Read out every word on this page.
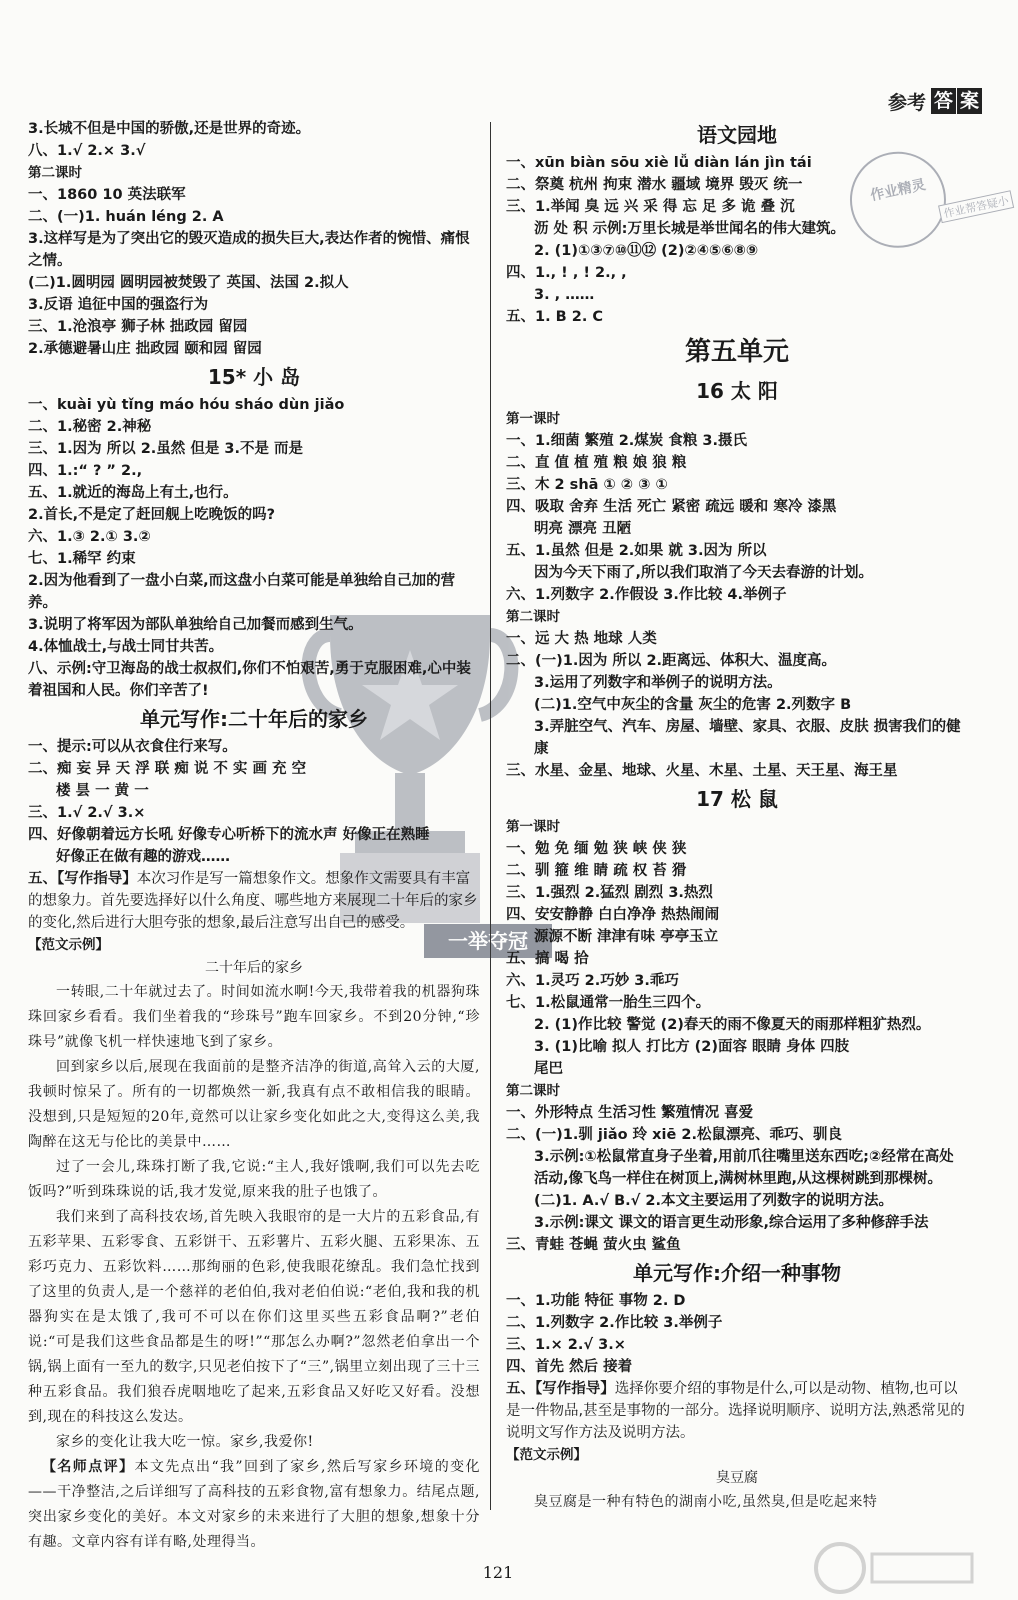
参考 答 案
一举夺冠
作业精灵
作业帮答疑小
3.长城不但是中国的骄傲,还是世界的奇迹。
八、1.√ 2.× 3.√
第二课时
一、1860 10 英法联军
二、(一)1. huán léng 2. A
3.这样写是为了突出它的毁灭造成的损失巨大,表达作者的惋惜、痛恨之情。
(二)1.圆明园 圆明园被焚毁了 英国、法国 2.拟人
3.反语 追征中国的强盗行为
三、1.沧浪亭 狮子林 拙政园 留园
2.承德避暑山庄 拙政园 颐和园 留园
15* 小 岛
一、kuài yù tǐng máo hóu sháo dùn jiǎo
二、1.秘密 2.神秘
三、1.因为 所以 2.虽然 但是 3.不是 而是
四、1.:“ ? ” 2.,
五、1.就近的海岛上有土,也行。
2.首长,不是定了赶回舰上吃晚饭的吗?
六、1.③ 2.① 3.②
七、1.稀罕 约束
2.因为他看到了一盘小白菜,而这盘小白菜可能是单独给自己加的营养。
3.说明了将军因为部队单独给自己加餐而感到生气。
4.体恤战士,与战士同甘共苦。
八、示例:守卫海岛的战士叔叔们,你们不怕艰苦,勇于克服困难,心中装着祖国和人民。你们辛苦了!
单元写作:二十年后的家乡
一、提示:可以从衣食住行来写。
二、痴 妄 异 天 浮 联 痴 说 不 实 画 充 空
楼 昙 一 黄 一
三、1.√ 2.√ 3.×
四、好像朝着远方长吼 好像专心听桥下的流水声 好像正在熟睡
好像正在做有趣的游戏……
五、【写作指导】本次习作是写一篇想象作文。想象作文需要具有丰富的想象力。首先要选择好以什么角度、哪些地方来展现二十年后的家乡的变化,然后进行大胆夸张的想象,最后注意写出自己的感受。
【范文示例】
二十年后的家乡
一转眼,二十年就过去了。时间如流水啊!今天,我带着我的机器狗珠珠回家乡看看。我们坐着我的“珍珠号”跑车回家乡。不到20分钟,“珍珠号”就像飞机一样快速地飞到了家乡。
回到家乡以后,展现在我面前的是整齐洁净的街道,高耸入云的大厦,我顿时惊呆了。所有的一切都焕然一新,我真有点不敢相信我的眼睛。没想到,只是短短的20年,竟然可以让家乡变化如此之大,变得这么美,我陶醉在这无与伦比的美景中……
过了一会儿,珠珠打断了我,它说:“主人,我好饿啊,我们可以先去吃饭吗?”听到珠珠说的话,我才发觉,原来我的肚子也饿了。
我们来到了高科技农场,首先映入我眼帘的是一大片的五彩食品,有五彩苹果、五彩零食、五彩饼干、五彩薯片、五彩火腿、五彩果冻、五彩巧克力、五彩饮料……那绚丽的色彩,使我眼花缭乱。我们急忙找到了这里的负责人,是一个慈祥的老伯伯,我对老伯伯说:“老伯,我和我的机器狗实在是太饿了,我可不可以在你们这里买些五彩食品啊?”老伯说:“可是我们这些食品都是生的呀!”“那怎么办啊?”忽然老伯拿出一个锅,锅上面有一至九的数字,只见老伯按下了“三”,锅里立刻出现了三十三种五彩食品。我们狼吞虎咽地吃了起来,五彩食品又好吃又好看。没想到,现在的科技这么发达。
家乡的变化让我大吃一惊。家乡,我爱你!
【名师点评】本文先点出“我”回到了家乡,然后写家乡环境的变化——干净整洁,之后详细写了高科技的五彩食物,富有想象力。结尾点题,突出家乡变化的美好。本文对家乡的未来进行了大胆的想象,想象十分有趣。文章内容有详有略,处理得当。
语文园地
一、xūn biàn sōu xiè lǚ diàn lán jìn tái
二、祭奠 杭州 拘束 潜水 疆域 境界 毁灭 统一
三、1.举闻 臭 远 兴 采 得 忘 足 多 诡 叠 沉
沥 处 积 示例:万里长城是举世闻名的伟大建筑。
2. (1)①③⑦⑩⑪⑫ (2)②④⑤⑥⑧⑨
四、1., ! , ! 2., ,
3. , ……
五、1. B 2. C
第五单元
16 太 阳
第一课时
一、1.细菌 繁殖 2.煤炭 食粮 3.摄氏
二、直 值 植 殖 粮 娘 狼 粮
三、木 2 shā ① ② ③ ①
四、吸取 舍弃 生活 死亡 紧密 疏远 暖和 寒冷 漆黑
明亮 漂亮 丑陋
五、1.虽然 但是 2.如果 就 3.因为 所以
因为今天下雨了,所以我们取消了今天去春游的计划。
六、1.列数字 2.作假设 3.作比较 4.举例子
第二课时
一、远 大 热 地球 人类
二、(一)1.因为 所以 2.距离远、体积大、温度高。
3.运用了列数字和举例子的说明方法。
(二)1.空气中灰尘的含量 灰尘的危害 2.列数字 B
3.弄脏空气、汽车、房屋、墙壁、家具、衣服、皮肤 损害我们的健康
三、水星、金星、地球、火星、木星、土星、天王星、海王星
17 松 鼠
第一课时
一、勉 免 缅 勉 狭 峡 侠 狭
二、驯 箍 维 睛 疏 权 苔 猾
三、1.强烈 2.猛烈 剧烈 3.热烈
四、安安静静 白白净净 热热闹闹
源源不断 津津有味 亭亭玉立
五、搞 喝 拾
六、1.灵巧 2.巧妙 3.乖巧
七、1.松鼠通常一胎生三四个。
2. (1)作比较 警觉 (2)春天的雨不像夏天的雨那样粗犷热烈。
3. (1)比喻 拟人 打比方 (2)面容 眼睛 身体 四肢
尾巴
第二课时
一、外形特点 生活习性 繁殖情况 喜爱
二、(一)1.驯 jiǎo 玲 xiē 2.松鼠漂亮、乖巧、驯良
3.示例:①松鼠常直身子坐着,用前爪往嘴里送东西吃;②经常在高处活动,像飞鸟一样住在树顶上,满树林里跑,从这棵树跳到那棵树。
(二)1. A.√ B.√ 2.本文主要运用了列数字的说明方法。
3.示例:课文 课文的语言更生动形象,综合运用了多种修辞手法
三、青蛙 苍蝇 萤火虫 鲨鱼
单元写作:介绍一种事物
一、1.功能 特征 事物 2. D
二、1.列数字 2.作比较 3.举例子
三、1.× 2.√ 3.×
四、首先 然后 接着
五、【写作指导】选择你要介绍的事物是什么,可以是动物、植物,也可以是一件物品,甚至是事物的一部分。选择说明顺序、说明方法,熟悉常见的说明文写作方法及说明方法。
【范文示例】
臭豆腐
臭豆腐是一种有特色的湖南小吃,虽然臭,但是吃起来特
121
